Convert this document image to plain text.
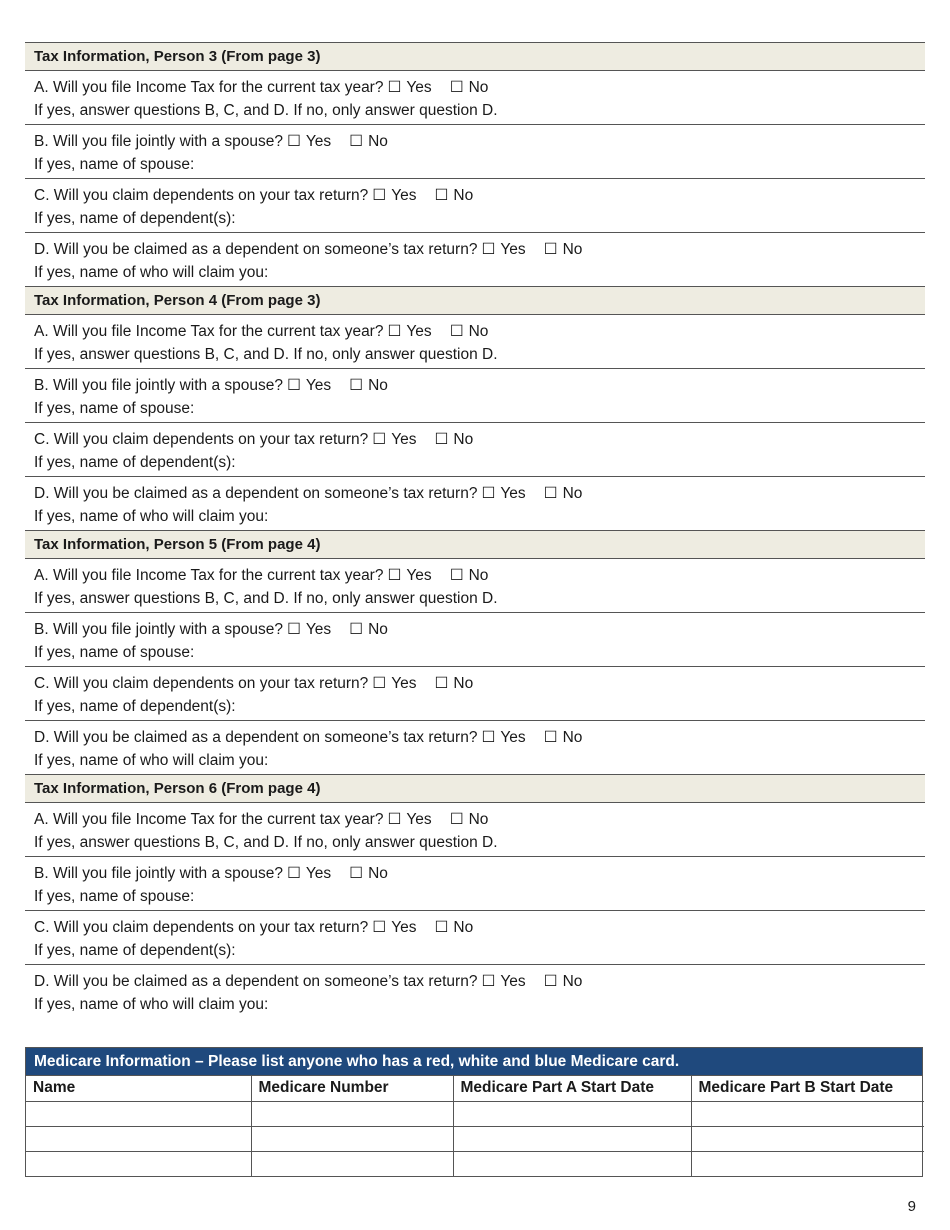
Tax Information, Person 3 (From page 3)
A. Will you file Income Tax for the current tax year? ☐ Yes ☐ No
If yes, answer questions B, C, and D. If no, only answer question D.
B. Will you file jointly with a spouse? ☐ Yes ☐ No
If yes, name of spouse:
C. Will you claim dependents on your tax return? ☐ Yes ☐ No
If yes, name of dependent(s):
D. Will you be claimed as a dependent on someone’s tax return? ☐ Yes ☐ No
If yes, name of who will claim you:
Tax Information, Person 4 (From page 3)
A. Will you file Income Tax for the current tax year? ☐ Yes ☐ No
If yes, answer questions B, C, and D. If no, only answer question D.
B. Will you file jointly with a spouse? ☐ Yes ☐ No
If yes, name of spouse:
C. Will you claim dependents on your tax return? ☐ Yes ☐ No
If yes, name of dependent(s):
D. Will you be claimed as a dependent on someone’s tax return? ☐ Yes ☐ No
If yes, name of who will claim you:
Tax Information, Person 5 (From page 4)
A. Will you file Income Tax for the current tax year? ☐ Yes ☐ No
If yes, answer questions B, C, and D. If no, only answer question D.
B. Will you file jointly with a spouse? ☐ Yes ☐ No
If yes, name of spouse:
C. Will you claim dependents on your tax return? ☐ Yes ☐ No
If yes, name of dependent(s):
D. Will you be claimed as a dependent on someone’s tax return? ☐ Yes ☐ No
If yes, name of who will claim you:
Tax Information, Person 6 (From page 4)
A. Will you file Income Tax for the current tax year? ☐ Yes ☐ No
If yes, answer questions B, C, and D. If no, only answer question D.
B. Will you file jointly with a spouse? ☐ Yes ☐ No
If yes, name of spouse:
C. Will you claim dependents on your tax return? ☐ Yes ☐ No
If yes, name of dependent(s):
D. Will you be claimed as a dependent on someone’s tax return? ☐ Yes ☐ No
If yes, name of who will claim you:
Medicare Information – Please list anyone who has a red, white and blue Medicare card.
Name	Medicare Number	Medicare Part A Start Date	Medicare Part B Start Date

9
